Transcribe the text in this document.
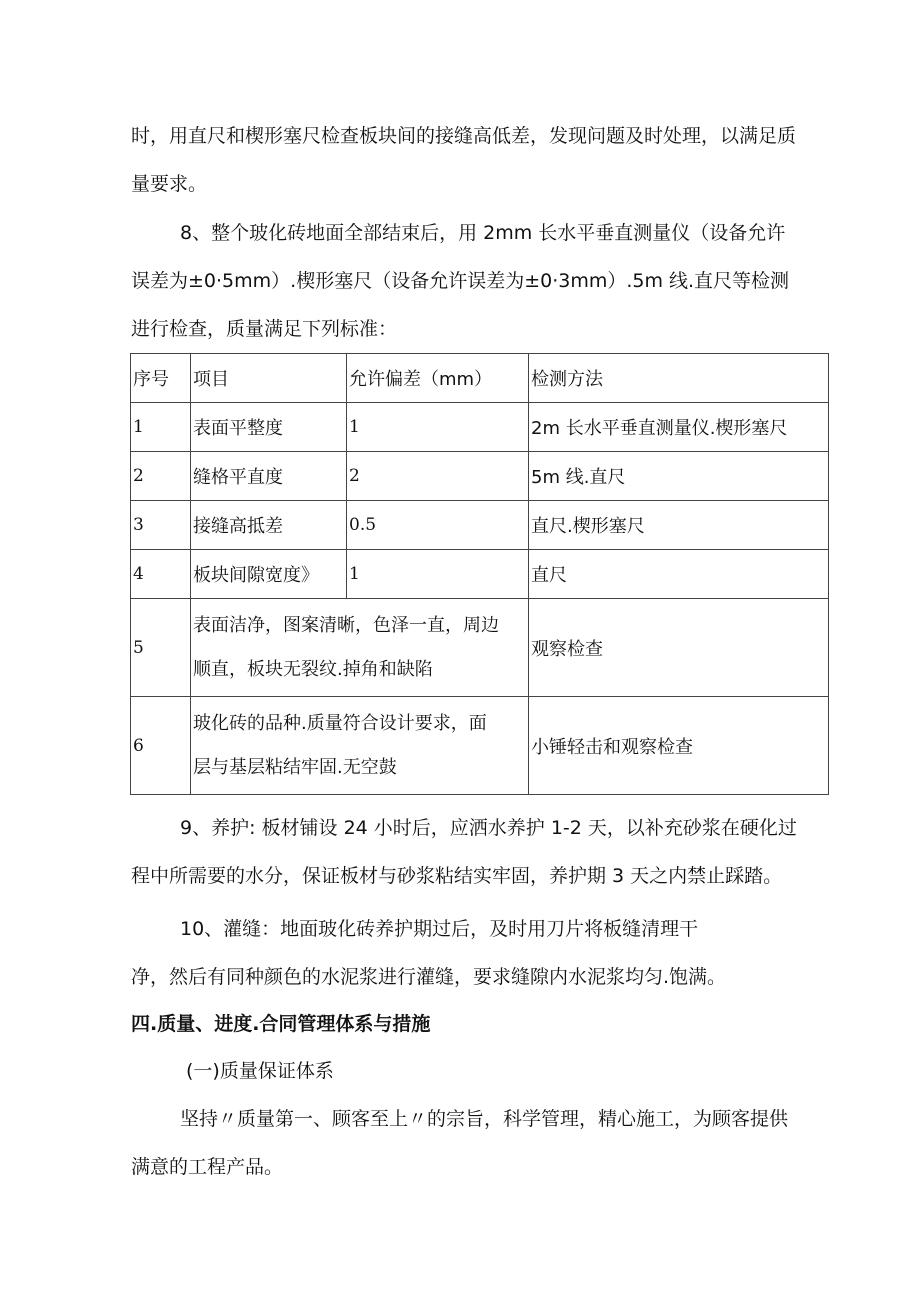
时，用直尺和楔形塞尺检查板块间的接缝高低差，发现问题及时处理，以满足质
量要求。
8、整个玻化砖地面全部结束后，用 2mm 长水平垂直测量仪（设备允许
误差为±0·5mm）.楔形塞尺（设备允许误差为±0·3mm）.5m 线.直尺等检测
进行检查，质量满足下列标准：
序号	项目	允许偏差（mm）	检测方法
1	表面平整度	1	2m 长水平垂直测量仪.楔形塞尺
2	缝格平直度	2	5m 线.直尺
3	接缝高抵差	0.5	直尺.楔形塞尺
4	板块间隙宽度》	1	直尺
5	表面洁净，图案清晰，色泽一直，周边
顺直，板块无裂纹.掉角和缺陷		观察检查
6	玻化砖的品种.质量符合设计要求，面
层与基层粘结牢固.无空鼓		小锤轻击和观察检查
9、养护: 板材铺设 24 小时后，应洒水养护 1-2 天，以补充砂浆在硬化过
程中所需要的水分，保证板材与砂浆粘结实牢固，养护期 3 天之内禁止踩踏。
10、灌缝：地面玻化砖养护期过后，及时用刀片将板缝清理干
净，然后有同种颜色的水泥浆进行灌缝，要求缝隙内水泥浆均匀.饱满。
四.质量、进度.合同管理体系与措施
(一)质量保证体系
坚持〃质量第一、顾客至上〃的宗旨，科学管理，精心施工，为顾客提供
满意的工程产品。
